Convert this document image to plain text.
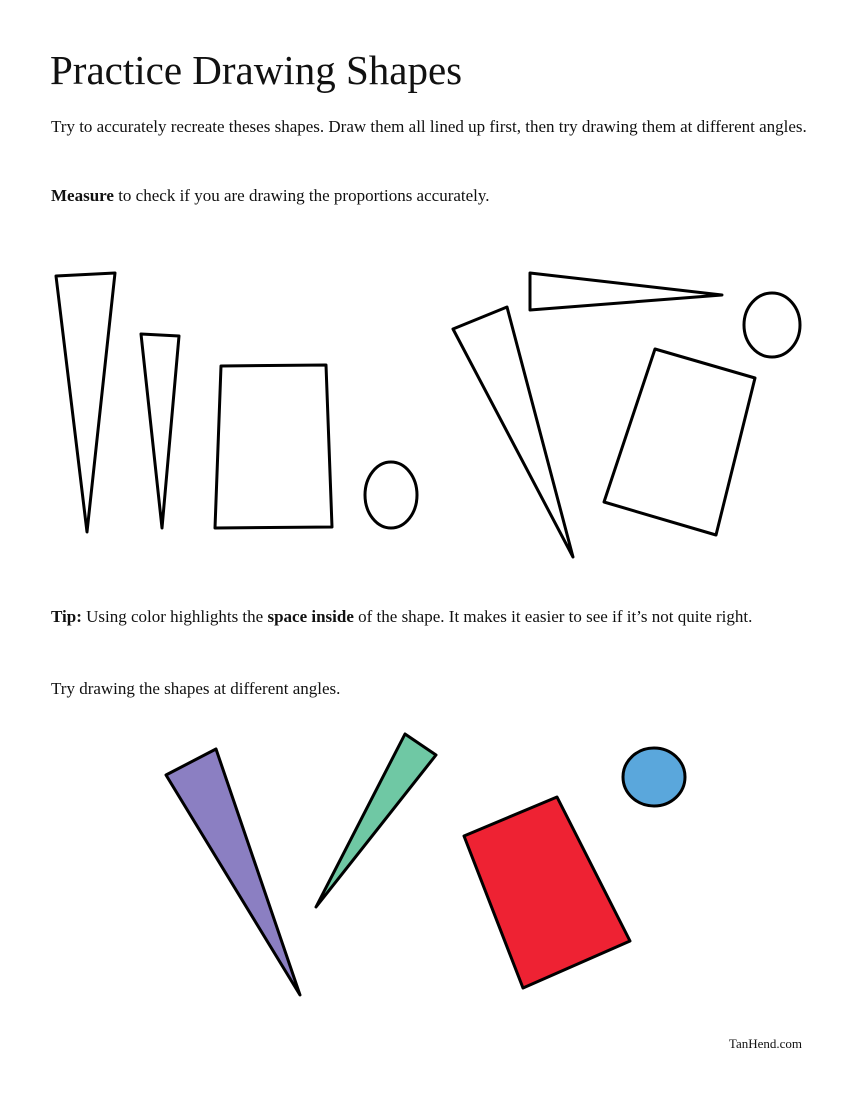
Practice Drawing Shapes

Try to accurately recreate theses shapes. Draw them all lined up first, then try drawing them at different angles.

Measure to check if you are drawing the proportions accurately.

Tip: Using color highlights the space inside of the shape. It makes it easier to see if it’s not quite right.

Try drawing the shapes at different angles.

TanHend.com
